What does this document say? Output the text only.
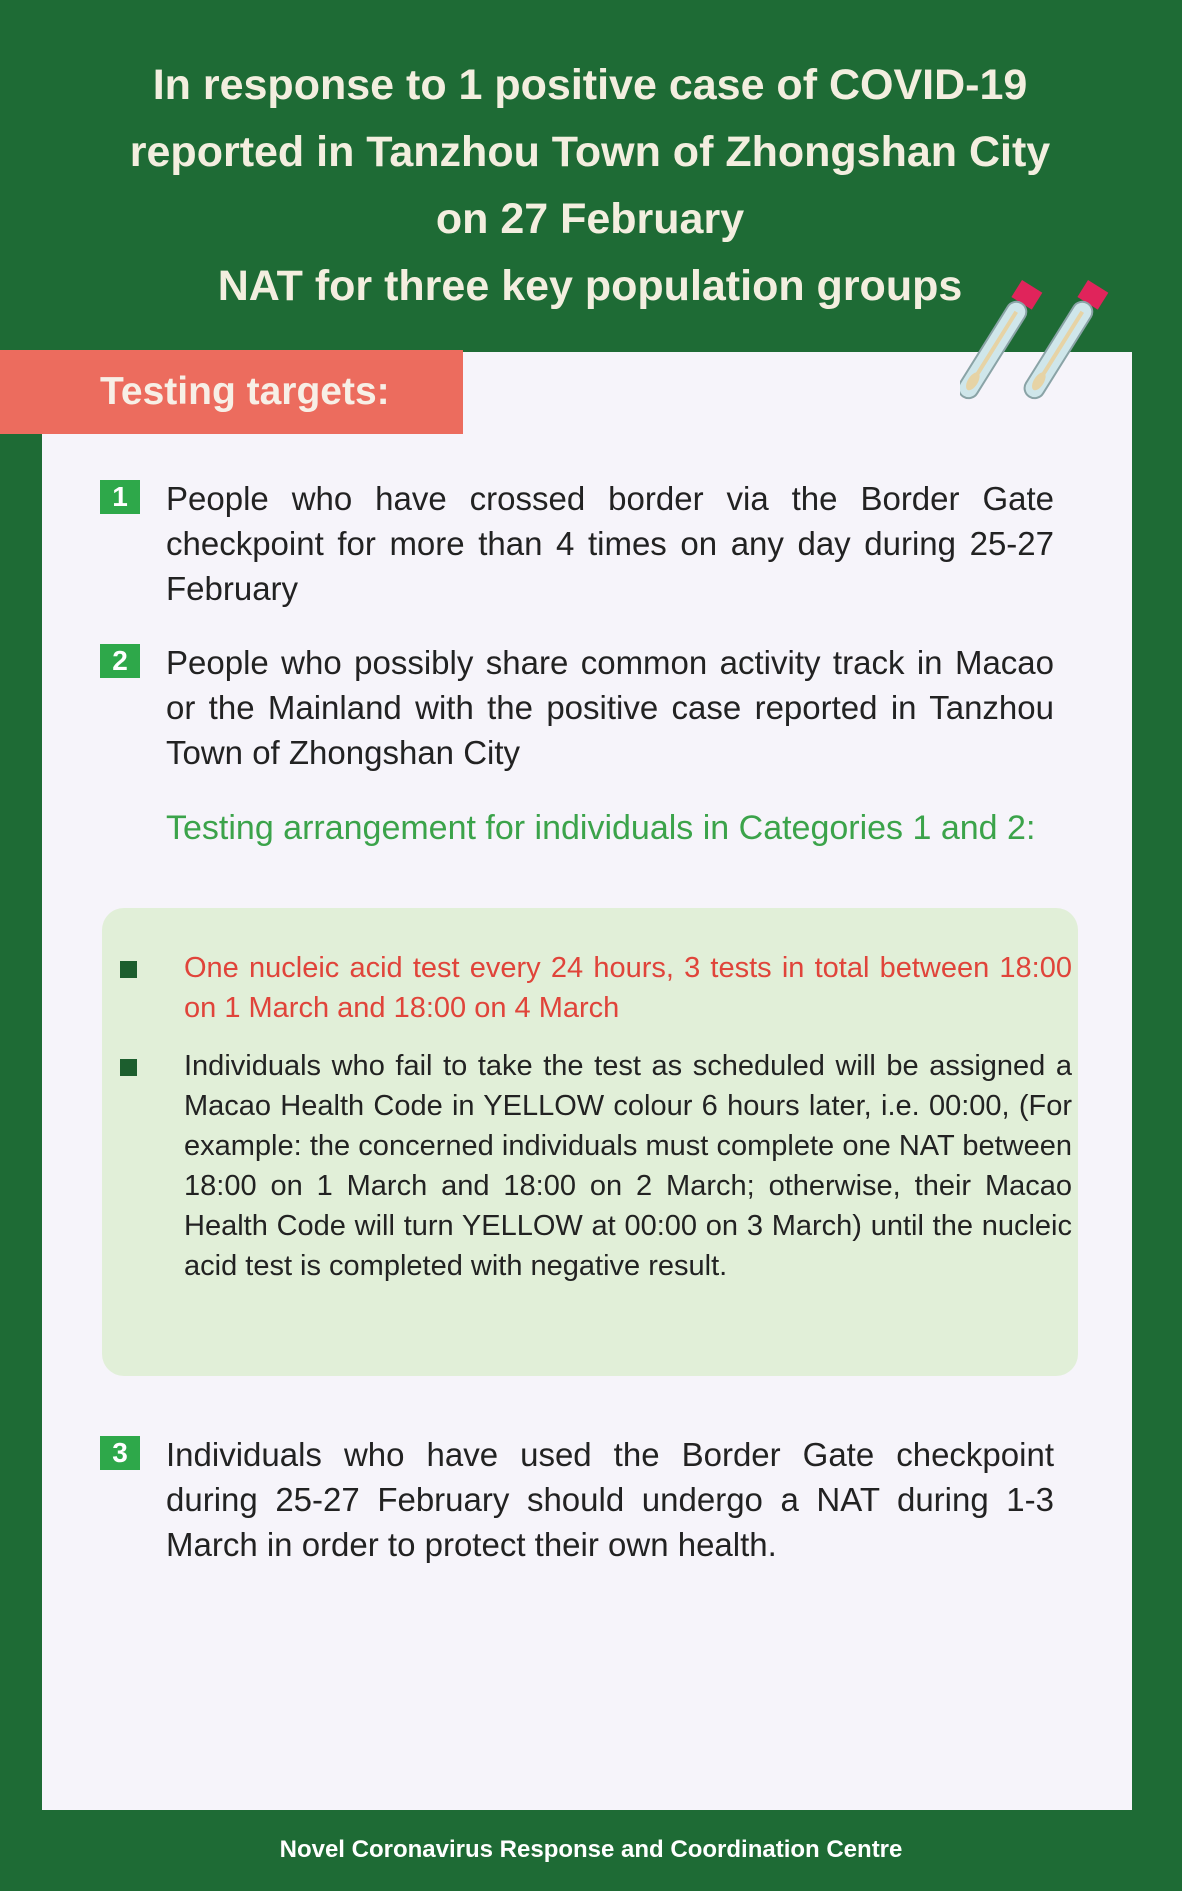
In response to 1 positive case of COVID-19
reported in Tanzhou Town of Zhongshan City
on 27 February
NAT for three key population groups
Testing targets:
1	People who have crossed border via the Border Gate checkpoint for more than 4 times on any day during 25-27 February
2	People who possibly share common activity track in Macao or the Mainland with the positive case reported in Tanzhou Town of Zhongshan City
Testing arrangement for individuals in Categories 1 and 2:
One nucleic acid test every 24 hours, 3 tests in total between 18:00 on 1 March and 18:00 on 4 March
Individuals who fail to take the test as scheduled will be assigned a Macao Health Code in YELLOW colour 6 hours later, i.e. 00:00, (For example: the concerned individuals must complete one NAT between 18:00 on 1 March and 18:00 on 2 March; otherwise, their Macao Health Code will turn YELLOW at 00:00 on 3 March) until the nucleic acid test is completed with negative result.
3	Individuals who have used the Border Gate checkpoint during 25-27 February should undergo a NAT during 1-3 March in order to protect their own health.
Novel Coronavirus Response and Coordination Centre
